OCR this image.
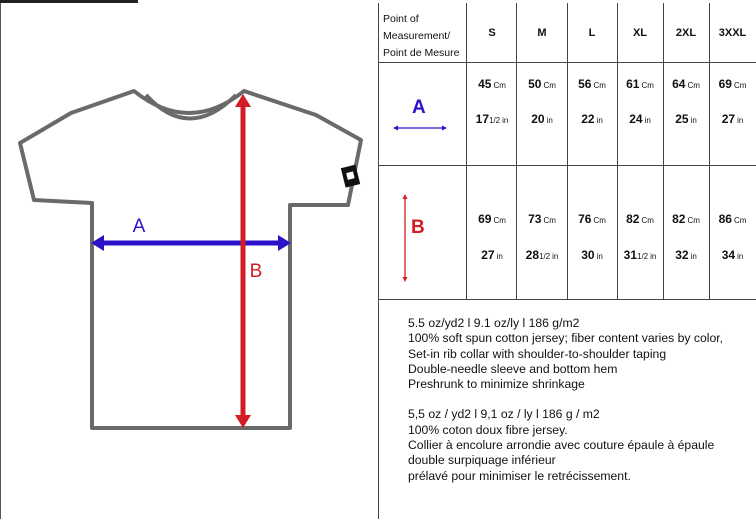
A
B
Point of
Measurement/
Point de Mesure
S	M	L	XL	2XL	3XXL
A
B
45 Cm	50 Cm	56 Cm	61 Cm	64 Cm	69 Cm
171/2 in	20 in	22 in	24 in	25 in	27 in
69 Cm	73 Cm	76 Cm	82 Cm	82 Cm	86 Cm
27 in	281/2 in	30 in	311/2 in	32 in	34 in

5.5 oz/yd2 l 9.1 oz/ly l 186 g/m2

100% soft spun cotton jersey; fiber content varies by color,

Set-in rib collar with shoulder-to-shoulder taping

Double-needle sleeve and bottom hem

Preshrunk to minimize shrinkage

5,5 oz / yd2 l 9,1 oz / ly l 186 g / m2

100% coton doux fibre jersey.

Collier à encolure arrondie avec couture épaule à épaule

double surpiquage inférieur

prélavé pour minimiser le retrécissement.
